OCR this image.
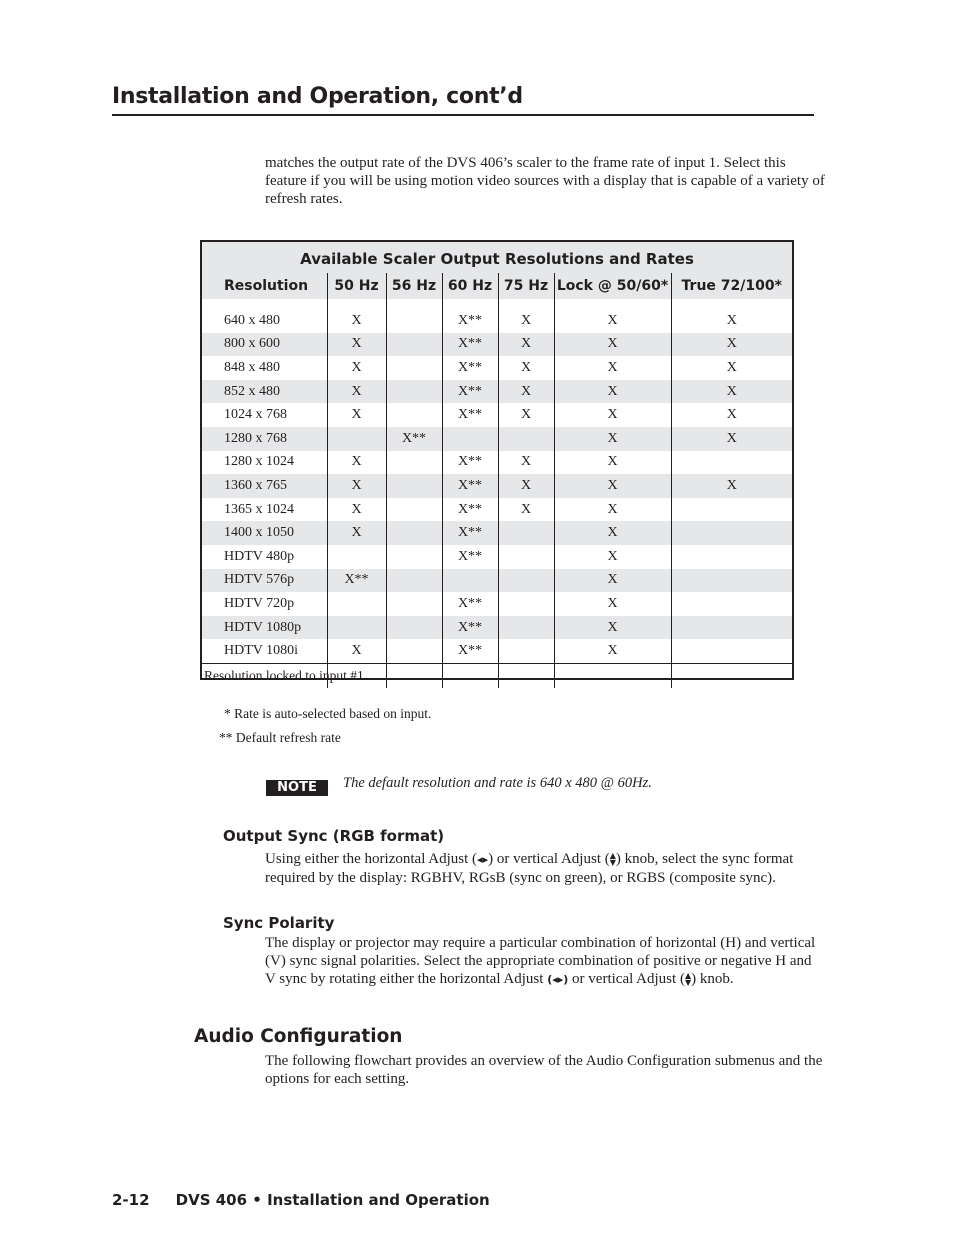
Installation and Operation, cont’d
matches the output rate of the DVS 406’s scaler to the frame rate of input 1. Select this feature if you will be using motion video sources with a display that is capable of a variety of refresh rates.
Available Scaler Output Resolutions and Rates
Resolution	50 Hz	56 Hz	60 Hz	75 Hz	Lock @ 50/60*	True 72/100*

640 x 480	X		X**	X	X	X
800 x 600	X		X**	X	X	X
848 x 480	X		X**	X	X	X
852 x 480	X		X**	X	X	X
1024 x 768	X		X**	X	X	X
1280 x 768		X**			X	X
1280 x 1024	X		X**	X	X	
1360 x 765	X		X**	X	X	X
1365 x 1024	X		X**	X	X	
1400 x 1050	X		X**		X	
HDTV 480p			X**		X	
HDTV 576p	X**				X	
HDTV 720p			X**		X	
HDTV 1080p			X**		X	
HDTV 1080i	X		X**		X	
Resolution locked to input #1						
* Rate is auto-selected based on input.
** Default refresh rate
NOTE	The default resolution and rate is 640 x 480 @ 60Hz.
Output Sync (RGB format)
Using either the horizontal Adjust (◂▸) or vertical Adjust (▲
▼) knob, select the sync format required by the display: RGBHV, RGsB (sync on green), or RGBS (composite sync).
Sync Polarity
The display or projector may require a particular combination of horizontal (H) and vertical (V) sync signal polarities. Select the appropriate combination of positive or negative H and V sync by rotating either the horizontal Adjust (◂▸) or vertical Adjust (▲
▼) knob.
Audio Configuration
The following flowchart provides an overview of the Audio Configuration submenus and the options for each setting.
2-12     DVS 406 • Installation and Operation
